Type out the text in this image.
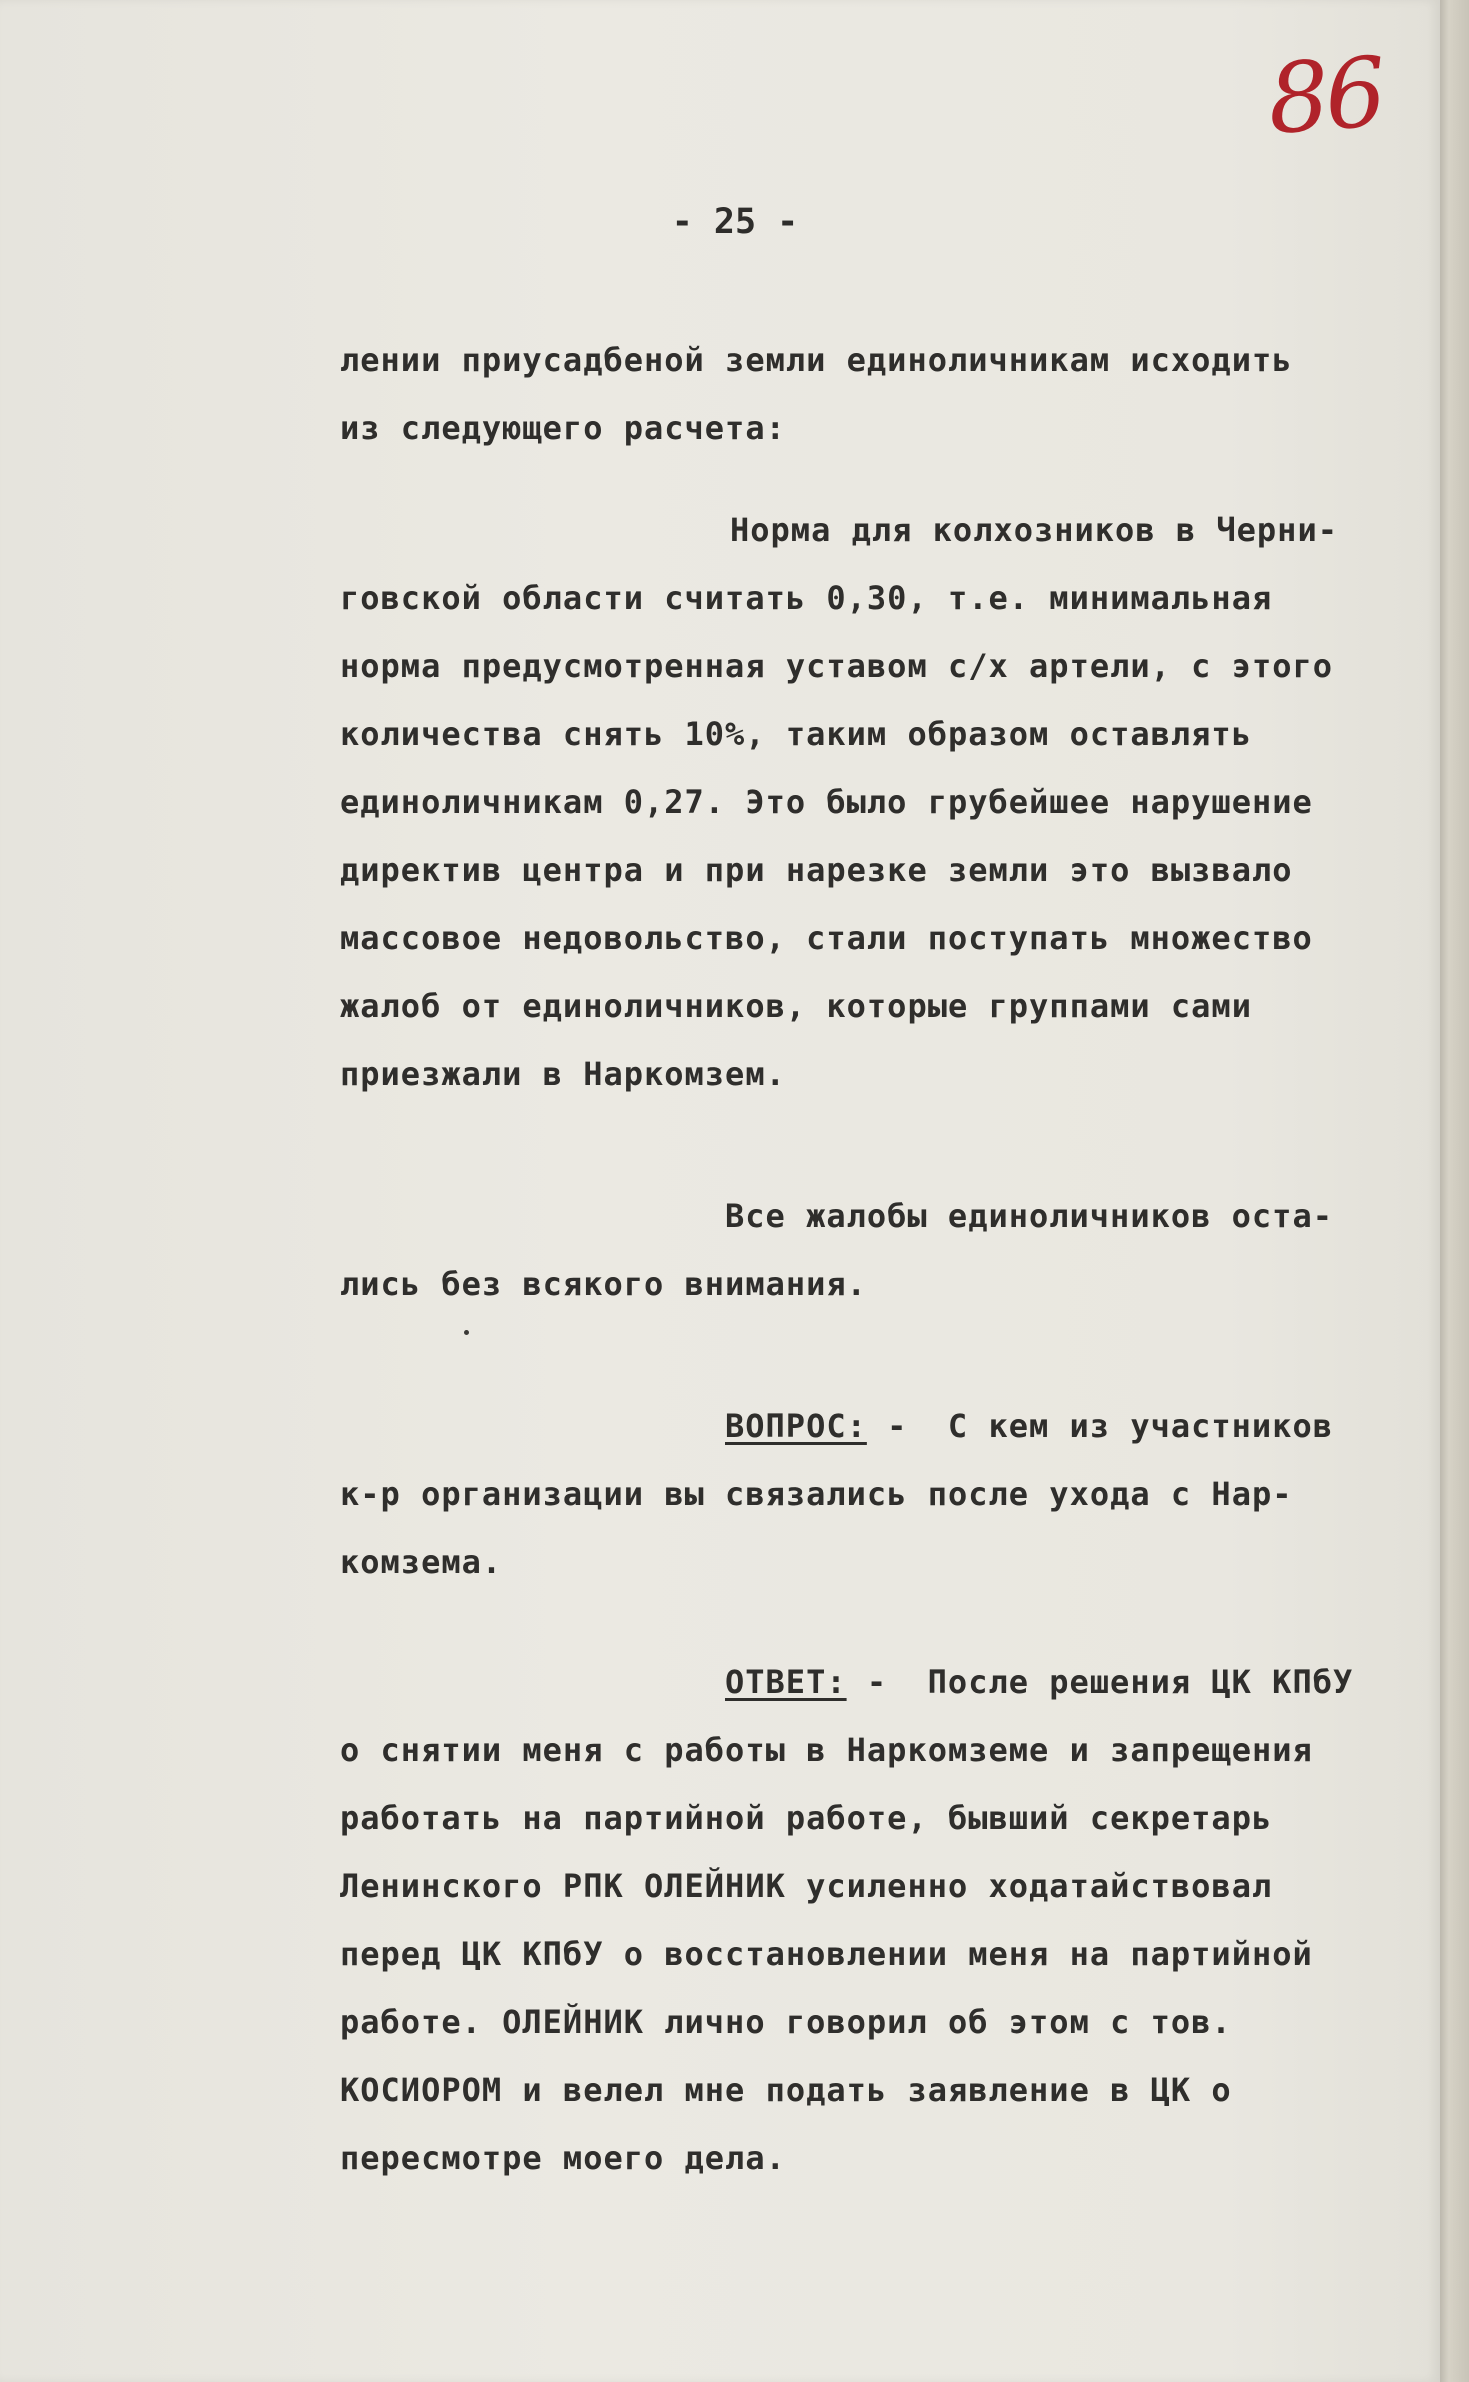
86
- 25 -
лении приусадбеной земли единоличникам исходить
из следующего расчета:
Норма для колхозников в Черни-
говской области считать 0,30, т.е. минимальная
норма предусмотренная уставом с/х артели, с этого
количества снять 10%, таким образом оставлять
единоличникам 0,27. Это было грубейшее нарушение
директив центра и при нарезке земли это вызвало
массовое недовольство, стали поступать множество
жалоб от единоличников, которые группами сами
приезжали в Наркомзем.
Все жалобы единоличников оста-
лись без всякого внимания.
ВОПРОС: -  С кем из участников
к-р организации вы связались после ухода с Нар-
комзема.
ОТВЕТ: -  После решения ЦК КПбУ
о снятии меня с работы в Наркомземе и запрещения
работать на партийной работе, бывший секретарь
Ленинского РПК ОЛЕЙНИК усиленно ходатайствовал
перед ЦК КПбУ о восстановлении меня на партийной
работе. ОЛЕЙНИК лично говорил об этом с тов.
КОСИОРОМ и велел мне подать заявление в ЦК о
пересмотре моего дела.
